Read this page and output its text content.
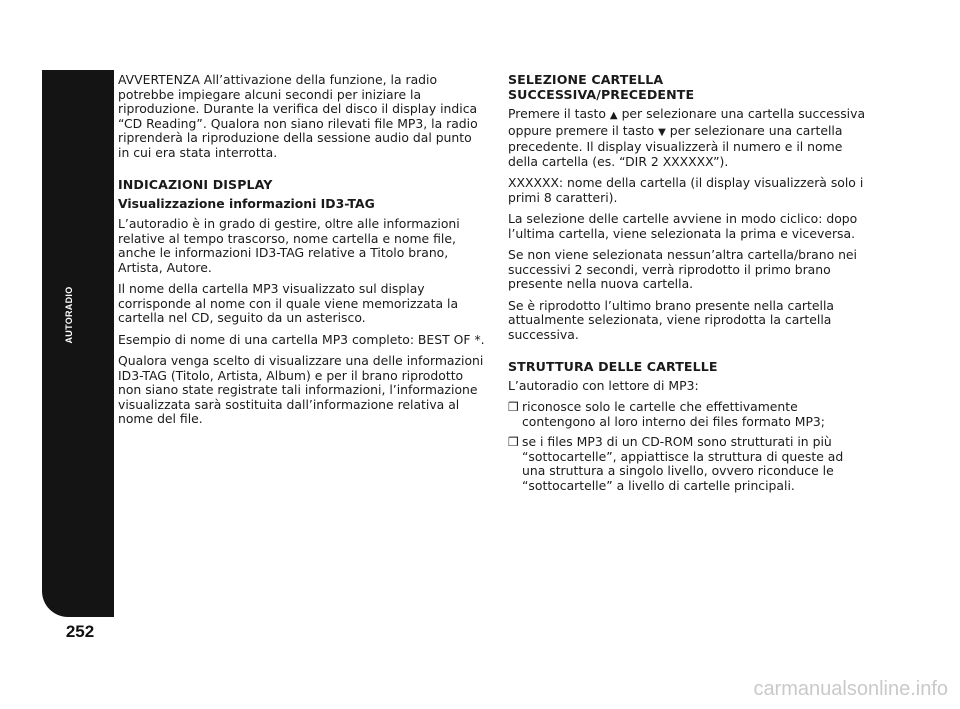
AUTORADIO
252

AVVERTENZA All’attivazione della funzione, la radio potrebbe impiegare alcuni secondi per iniziare la riproduzione. Durante la verifica del disco il display indica “CD Reading”. Qualora non siano rilevati file MP3, la radio riprenderà la riproduzione della sessione audio dal punto in cui era stata interrotta.

INDICAZIONI DISPLAY
Visualizzazione informazioni ID3-TAG

L’autoradio è in grado di gestire, oltre alle informazioni relative al tempo trascorso, nome cartella e nome file, anche le informazioni ID3-TAG relative a Titolo brano, Artista, Autore.

Il nome della cartella MP3 visualizzato sul display corrisponde al nome con il quale viene memorizzata la cartella nel CD, seguito da un asterisco.

Esempio di nome di una cartella MP3 completo: BEST OF *.

Qualora venga scelto di visualizzare una delle informazioni ID3-TAG (Titolo, Artista, Album) e per il brano riprodotto non siano state registrate tali informazioni, l’informazione visualizzata sarà sostituita dall’informazione relativa al nome del file.

SELEZIONE CARTELLA
SUCCESSIVA/PRECEDENTE

Premere il tasto ▲ per selezionare una cartella successiva oppure premere il tasto ▼ per selezionare una cartella precedente. Il display visualizzerà il numero e il nome della cartella (es. “DIR 2 XXXXXX”).

XXXXXX: nome della cartella (il display visualizzerà solo i primi 8 caratteri).

La selezione delle cartelle avviene in modo ciclico: dopo l’ultima cartella, viene selezionata la prima e viceversa.

Se non viene selezionata nessun’altra cartella/brano nei successivi 2 secondi, verrà riprodotto il primo brano presente nella nuova cartella.

Se è riprodotto l’ultimo brano presente nella cartella attualmente selezionata, viene riprodotta la cartella successiva.

STRUTTURA DELLE CARTELLE

L’autoradio con lettore di MP3:

❒ riconosce solo le cartelle che effettivamente contengono al loro interno dei files formato MP3;
❒ se i files MP3 di un CD-ROM sono strutturati in più “sottocartelle”, appiattisce la struttura di queste ad una struttura a singolo livello, ovvero riconduce le “sottocartelle” a livello di cartelle principali.
carmanualsonline.info
